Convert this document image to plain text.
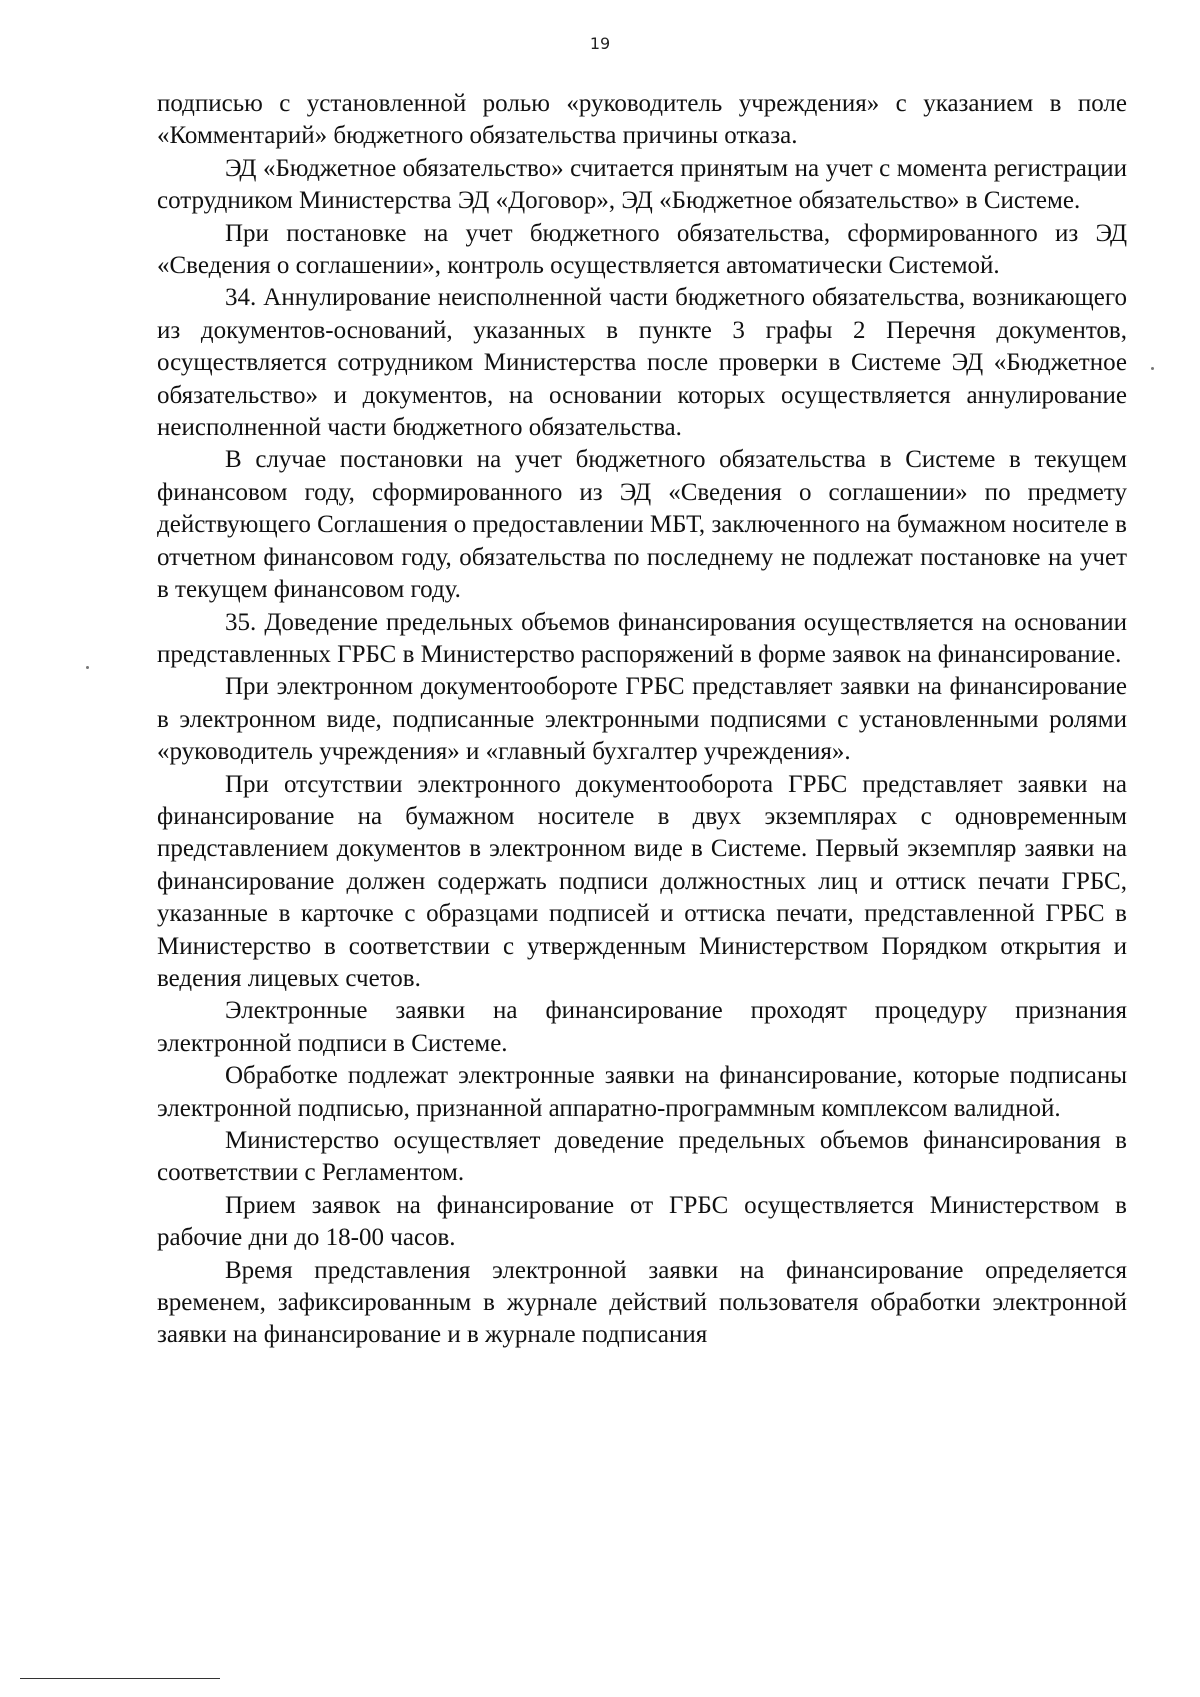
19

подписью с установленной ролью «руководитель учреждения» с указанием в поле «Комментарий» бюджетного обязательства причины отказа.

ЭД «Бюджетное обязательство» считается принятым на учет с момента регистрации сотрудником Министерства ЭД «Договор», ЭД «Бюджетное обязательство» в Системе.

При постановке на учет бюджетного обязательства, сформированного из ЭД «Сведения о соглашении», контроль осуществляется автоматически Системой.

34. Аннулирование неисполненной части бюджетного обязательства, возникающего из документов-оснований, указанных в пункте 3 графы 2 Перечня документов, осуществляется сотрудником Министерства после проверки в Системе ЭД «Бюджетное обязательство» и документов, на основании которых осуществляется аннулирование неисполненной части бюджетного обязательства.

В случае постановки на учет бюджетного обязательства в Системе в текущем финансовом году, сформированного из ЭД «Сведения о соглашении» по предмету действующего Соглашения о предоставлении МБТ, заключенного на бумажном носителе в отчетном финансовом году, обязательства по последнему не подлежат постановке на учет в текущем финансовом году.

35. Доведение предельных объемов финансирования осуществляется на основании представленных ГРБС в Министерство распоряжений в форме заявок на финансирование.

При электронном документообороте ГРБС представляет заявки на финансирование в электронном виде, подписанные электронными подписями с установленными ролями «руководитель учреждения» и «главный бухгалтер учреждения».

При отсутствии электронного документооборота ГРБС представляет заявки на финансирование на бумажном носителе в двух экземплярах с одновременным представлением документов в электронном виде в Системе. Первый экземпляр заявки на финансирование должен содержать подписи должностных лиц и оттиск печати ГРБС, указанные в карточке с образцами подписей и оттиска печати, представленной ГРБС в Министерство в соответствии с утвержденным Министерством Порядком открытия и ведения лицевых счетов.

Электронные заявки на финансирование проходят процедуру признания электронной подписи в Системе.

Обработке подлежат электронные заявки на финансирование, которые подписаны электронной подписью, признанной аппаратно-программным комплексом валидной.

Министерство осуществляет доведение предельных объемов финансирования в соответствии с Регламентом.

Прием заявок на финансирование от ГРБС осуществляется Министерством в рабочие дни до 18-00 часов.

Время представления электронной заявки на финансирование определяется временем, зафиксированным в журнале действий пользователя обработки электронной заявки на финансирование и в журнале подписания
